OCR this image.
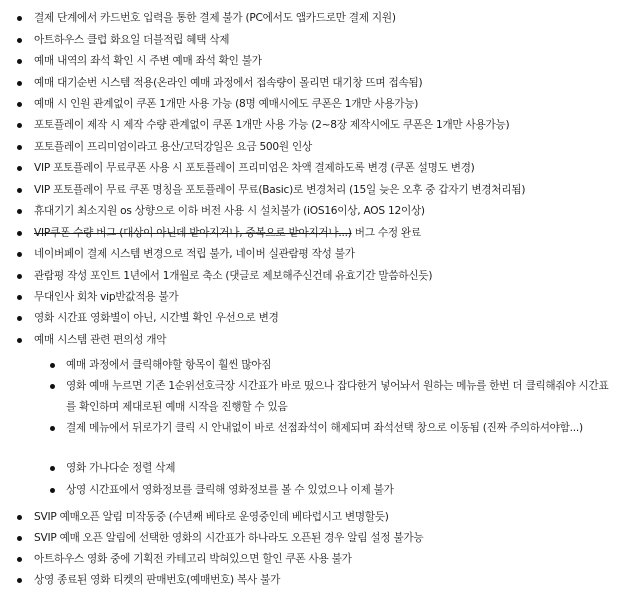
결제 단계에서 카드번호 입력을 통한 결제 불가 (PC에서도 앱카드로만 결제 지원)
아트하우스 클럽 화요일 더블적립 혜택 삭제
예매 내역의 좌석 확인 시 주변 예매 좌석 확인 불가
예매 대기순번 시스템 적용(온라인 예매 과정에서 접속량이 몰리면 대기창 뜨며 접속됨)
예매 시 인원 관계없이 쿠폰 1개만 사용 가능 (8명 예매시에도 쿠폰은 1개만 사용가능)
포토플레이 제작 시 제작 수량 관계없이 쿠폰 1개만 사용 가능 (2~8장 제작시에도 쿠폰은 1개만 사용가능)
포토플레이 프리미엄이라고 용산/고덕강일은 요금 500원 인상
VIP 포토플레이 무료쿠폰 사용 시 포토플레이 프리미엄은 차액 결제하도록 변경 (쿠폰 설명도 변경)
VIP 포토플레이 무료 쿠폰 명칭을 포토플레이 무료(Basic)로 변경처리 (15일 늦은 오후 중 갑자기 변경처리됨)
휴대기기 최소지원 os 상향으로 이하 버전 사용 시 설치불가 (iOS16이상, AOS 12이상)
VIP쿠폰 수량 버그 (대상이 아닌데 받아지거나, 중복으로 받아지거나...) 버그 수정 완료
네이버페이 결제 시스템 변경으로 적립 불가, 네이버 실관람평 작성 불가
관람평 작성 포인트 1년에서 1개월로 축소 (댓글로 제보해주신건데 유효기간 말씀하신듯)
무대인사 회차 vip반값적용 불가
영화 시간표 영화별이 아닌, 시간별 확인 우선으로 변경
예매 시스템 관련 편의성 개악
예매 과정에서 클릭해야할 항목이 훨씬 많아짐
영화 예매 누르면 기존 1순위선호극장 시간표가 바로 떴으나 잡다한거 넣어놔서 원하는 메뉴를 한번 더 클릭해줘야 시간표를 확인하며 제대로된 예매 시작을 진행할 수 있음
결제 메뉴에서 뒤로가기 클릭 시 안내없이 바로 선점좌석이 해제되며 좌석선택 창으로 이동됨 (진짜 주의하셔야함...)
영화 가나다순 정렬 삭제
상영 시간표에서 영화정보를 클릭해 영화정보를 볼 수 있었으나 이제 불가
SVIP 예매오픈 알림 미작동중 (수년째 베타로 운영중인데 베타럽시고 변명할듯)
SVIP 예매 오픈 알림에 선택한 영화의 시간표가 하나라도 오픈된 경우 알림 설정 불가능
아트하우스 영화 중에 기획전 카테고리 박혀있으면 할인 쿠폰 사용 불가
상영 종료된 영화 티켓의 판매번호(예매번호) 복사 불가
